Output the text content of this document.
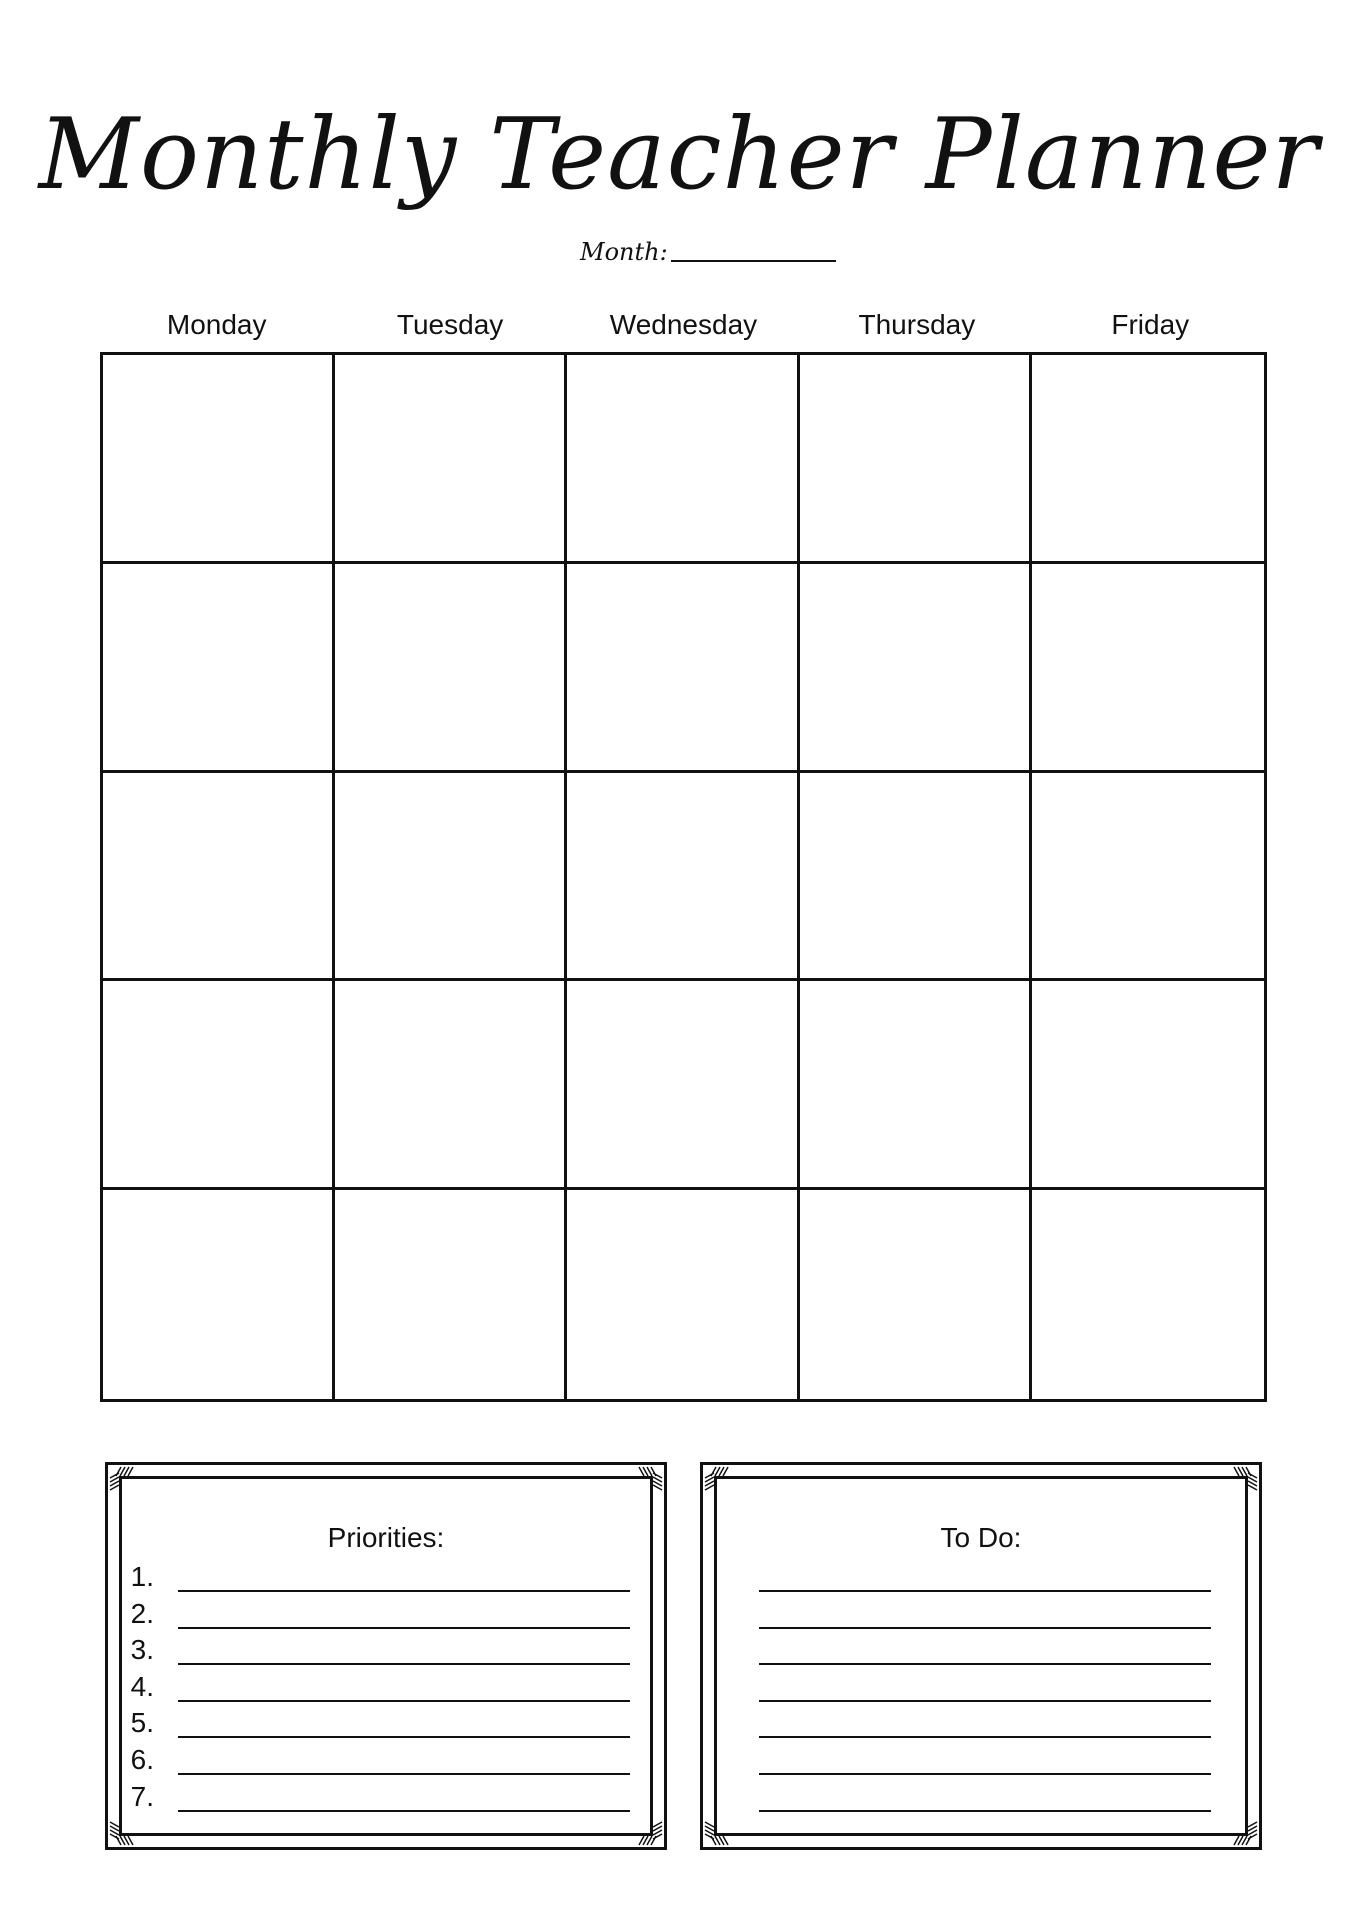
Monthly Teacher Planner
Month:
Monday	Tuesday	Wednesday	Thursday	Friday
Priorities:
1.
2.
3.
4.
5.
6.
7.
To Do:
